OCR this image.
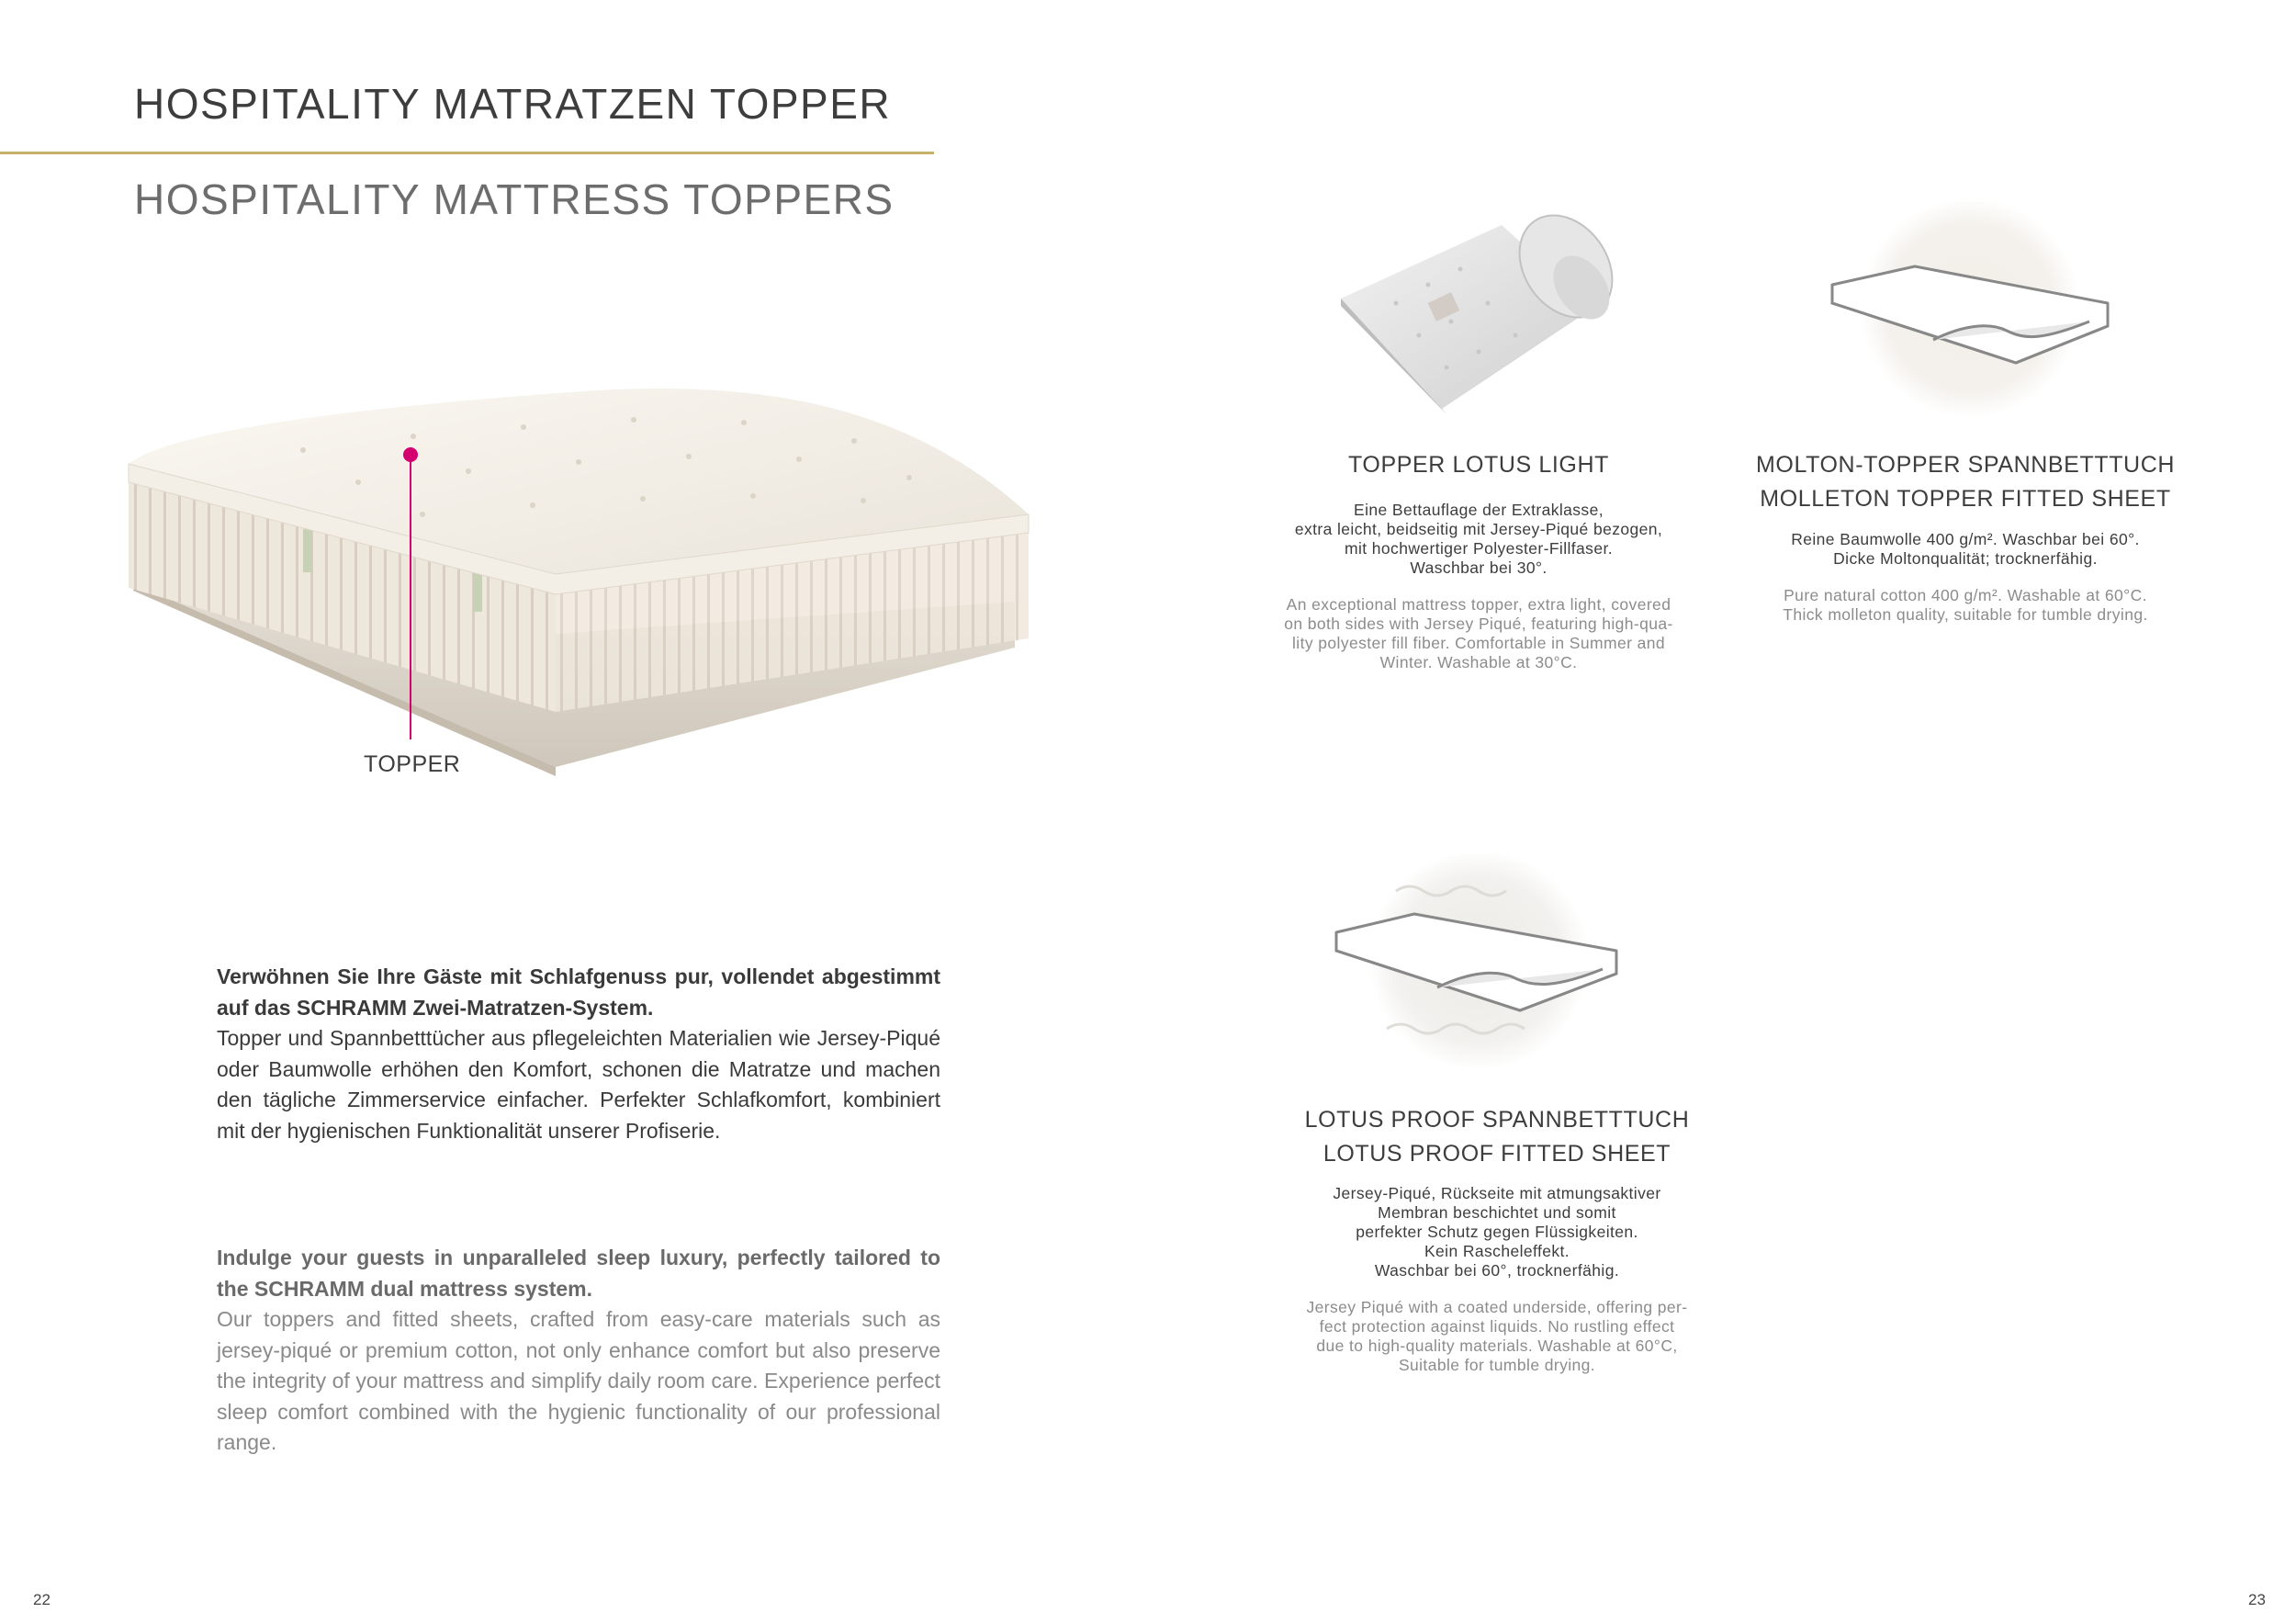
HOSPITALITY MATRATZEN TOPPER
HOSPITALITY MATTRESS TOPPERS
TOPPER
Verwöhnen Sie Ihre Gäste mit Schlafgenuss pur, vollendet abgestimmt auf das SCHRAMM Zwei-Matratzen-System.
Topper und Spannbetttücher aus pflegeleichten Materialien wie Jersey-Piqué oder Baumwolle erhöhen den Komfort, schonen die Matratze und machen den tägliche Zimmerservice einfacher. Perfekter Schlafkomfort, kombiniert mit der hygienischen Funktionalität unserer Profiserie.
Indulge your guests in unparalleled sleep luxury, perfectly tailored to the SCHRAMM dual mattress system.
Our toppers and fitted sheets, crafted from easy-care materials such as jersey-piqué or premium cotton, not only enhance comfort but also preserve the integrity of your mattress and simplify daily room care. Experience perfect sleep comfort combined with the hygienic functionality of our professional range.
TOPPER LOTUS LIGHT
Eine Bettauflage der Extraklasse,
extra leicht, beidseitig mit Jersey-Piqué bezogen,
mit hochwertiger Polyester-Fillfaser.
Waschbar bei 30°.
An exceptional mattress topper, extra light, covered
on both sides with Jersey Piqué, featuring high-qua-
lity polyester fill fiber. Comfortable in Summer and
Winter. Washable at 30°C.
MOLTON-TOPPER SPANNBETTTUCH
MOLLETON TOPPER FITTED SHEET
Reine Baumwolle 400 g/m². Waschbar bei 60°.
Dicke Moltonqualität; trocknerfähig.
Pure natural cotton 400 g/m². Washable at 60°C.
Thick molleton quality, suitable for tumble drying.
LOTUS PROOF SPANNBETTTUCH
LOTUS PROOF FITTED SHEET
Jersey-Piqué, Rückseite mit atmungsaktiver
Membran beschichtet und somit
perfekter Schutz gegen Flüssigkeiten.
Kein Rascheleffekt.
Waschbar bei 60°, trocknerfähig.
Jersey Piqué with a coated underside, offering per-
fect protection against liquids. No rustling effect
due to high-quality materials. Washable at 60°C,
Suitable for tumble drying.
22	23
